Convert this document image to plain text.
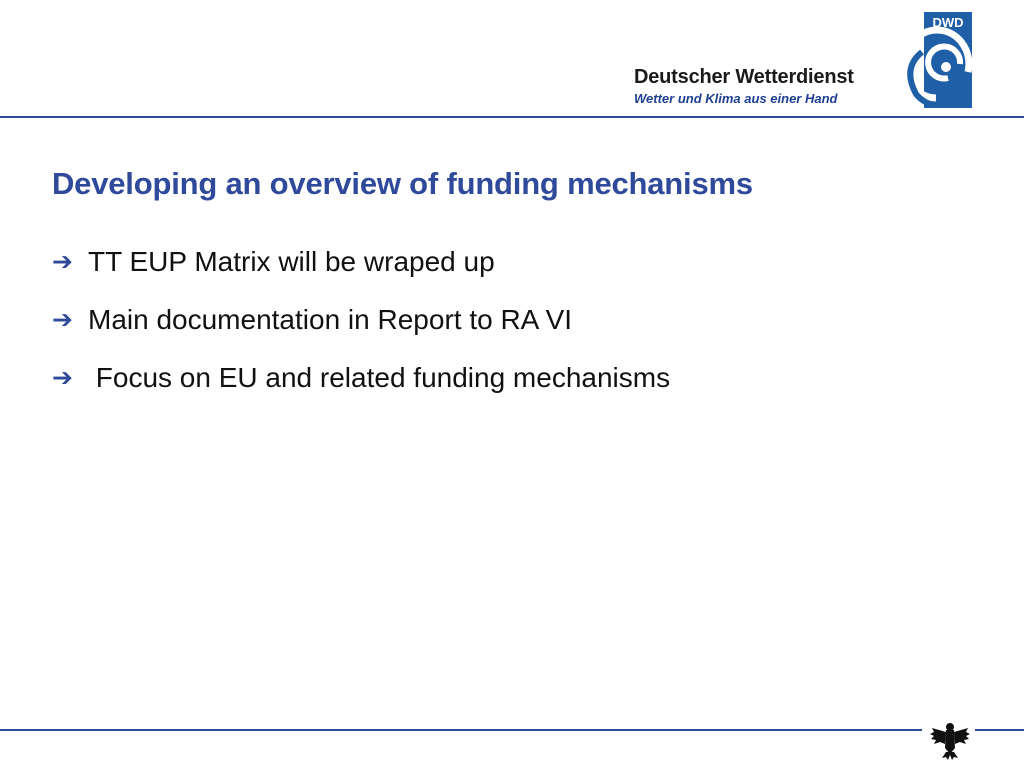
Deutscher Wetterdienst
Wetter und Klima aus einer Hand
DWD
Developing an overview of funding mechanisms
➔ TT EUP Matrix will be wraped up
➔ Main documentation in Report to RA VI
➔ Focus on EU and related funding mechanisms
